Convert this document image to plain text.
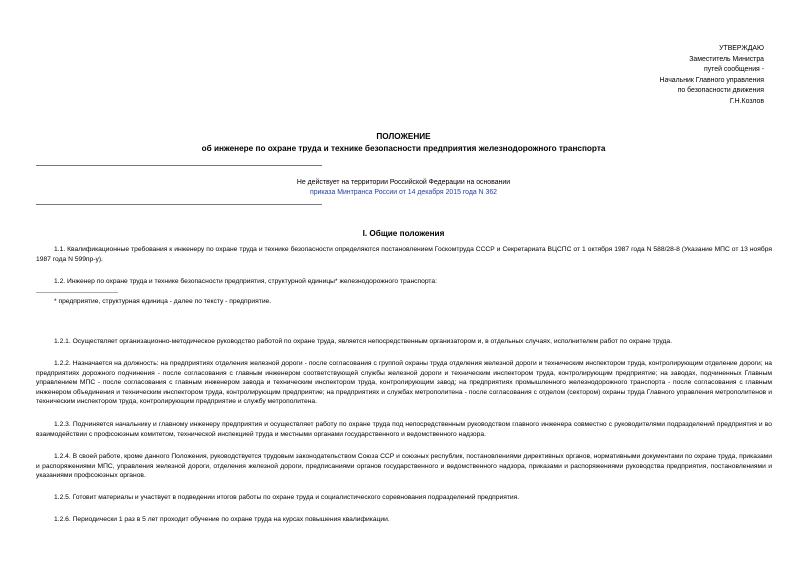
УТВЕРЖДАЮ
Заместитель Министра
путей сообщения -
Начальник Главного управления
по безопасности движения
Г.Н.Козлов
ПОЛОЖЕНИЕ
об инженере по охране труда и технике безопасности предприятия железнодорожного транспорта
Не действует на территории Российской Федерации на основании
приказа Минтранса России от 14 декабря 2015 года N 362
I. Общие положения
1.1. Квалификационные требования к инженеру по охране труда и технике безопасности определяются постановлением Госкомтруда СССР и Секретариата ВЦСПС от 1 октября 1987 года N 588/28-8 (Указание МПС от 13 ноября 1987 года N 599пр-у).
1.2. Инженер по охране труда и технике безопасности предприятия, структурной единицы* железнодорожного транспорта:
* предприятие, структурная единица - далее по тексту - предприятие.
1.2.1. Осуществляет организационно-методическое руководство работой по охране труда, является непосредственным организатором и, в отдельных случаях, исполнителем работ по охране труда.
1.2.2. Назначается на должность: на предприятиях отделения железной дороги - после согласования с группой охраны труда отделения железной дороги и техническим инспектором труда, контролирующим отделение дороги; на предприятиях дорожного подчинения - после согласования с главным инженером соответствующей службы железной дороги и техническим инспектором труда, контролирующим предприятие; на заводах, подчиненных Главным управлением МПС - после согласования с главным инженером завода и техническим инспектором труда, контролирующим завод; на предприятиях промышленного железнодорожного транспорта - после согласования с главным инженером объединения и техническим инспектором труда, контролирующим предприятие; на предприятиях и службах метрополитена - после согласования с отделом (сектором) охраны труда Главного управления метрополитенов и техническим инспектором труда, контролирующим предприятие и службу метрополитена.
1.2.3. Подчиняется начальнику и главному инженеру предприятия и осуществляет работу по охране труда под непосредственным руководством главного инженера совместно с руководителями подразделений предприятия и во взаимодействии с профсоюзным комитетом, технической инспекцией труда и местными органами государственного и ведомственного надзора.
1.2.4. В своей работе, кроме данного Положения, руководствуется трудовым законодательством Союза ССР и союзных республик, постановлениями директивных органов, нормативными документами по охране труда, приказами и распоряжениями МПС, управления железной дороги, отделения железной дороги, предписаниями органов государственного и ведомственного надзора, приказами и распоряжениями руководства предприятия, постановлениями и указаниями профсоюзных органов.
1.2.5. Готовит материалы и участвует в подведении итогов работы по охране труда и социалистического соревнования подразделений предприятия.
1.2.6. Периодически 1 раз в 5 лет проходит обучение по охране труда на курсах повышения квалификации.
